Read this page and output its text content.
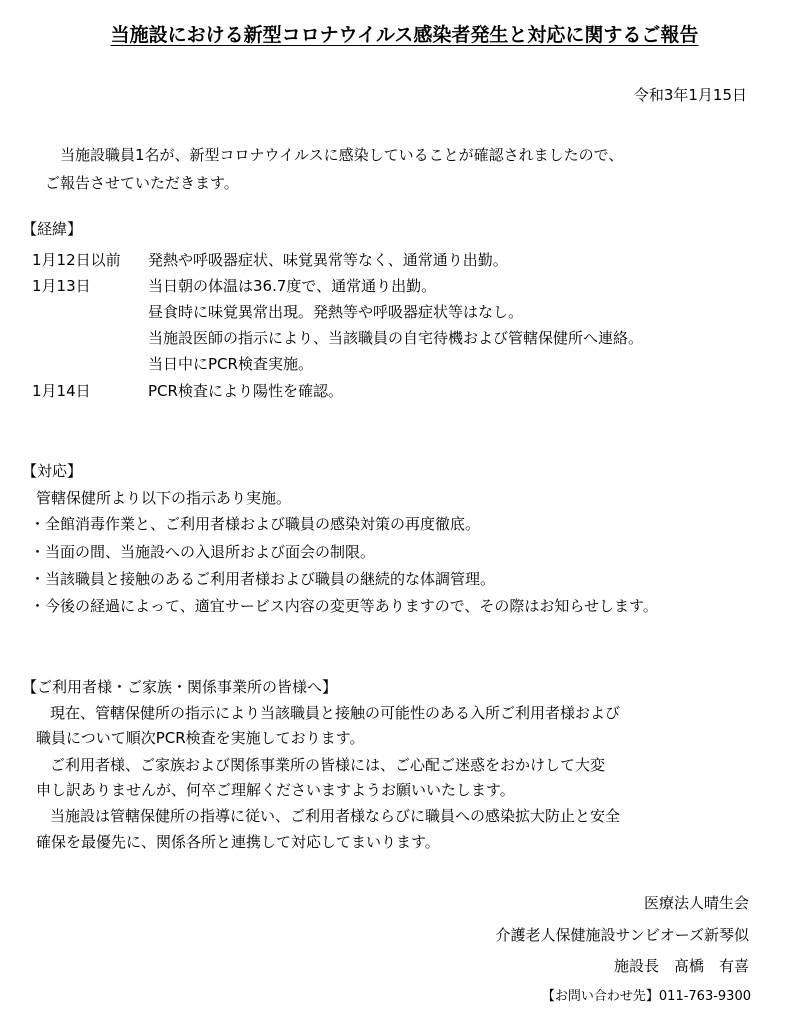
当施設における新型コロナウイルス感染者発生と対応に関するご報告
令和3年1月15日
当施設職員1名が、新型コロナウイルスに感染していることが確認されましたので、
ご報告させていただきます。
【経緯】
1月12日以前 発熱や呼吸器症状、味覚異常等なく、通常通り出勤。
1月13日	当日朝の体温は36.7度で、通常通り出勤。
昼食時に味覚異常出現。発熱等や呼吸器症状等はなし。
当施設医師の指示により、当該職員の自宅待機および管轄保健所へ連絡。
当日中にPCR検査実施。
1月14日	PCR検査により陽性を確認。
【対応】
管轄保健所より以下の指示あり実施。
・全館消毒作業と、ご利用者様および職員の感染対策の再度徹底。
・当面の間、当施設への入退所および面会の制限。
・当該職員と接触のあるご利用者様および職員の継続的な体調管理。
・今後の経過によって、適宜サービス内容の変更等ありますので、その際はお知らせします。
【ご利用者様・ご家族・関係事業所の皆様へ】
現在、管轄保健所の指示により当該職員と接触の可能性のある入所ご利用者様および
職員について順次PCR検査を実施しております。
ご利用者様、ご家族および関係事業所の皆様には、ご心配ご迷惑をおかけして大変
申し訳ありませんが、何卒ご理解くださいますようお願いいたします。
当施設は管轄保健所の指導に従い、ご利用者様ならびに職員への感染拡大防止と安全
確保を最優先に、関係各所と連携して対応してまいります。
医療法人晴生会
介護老人保健施設サンビオーズ新琴似
施設長　髙橋　有喜
【お問い合わせ先】011-763-9300
